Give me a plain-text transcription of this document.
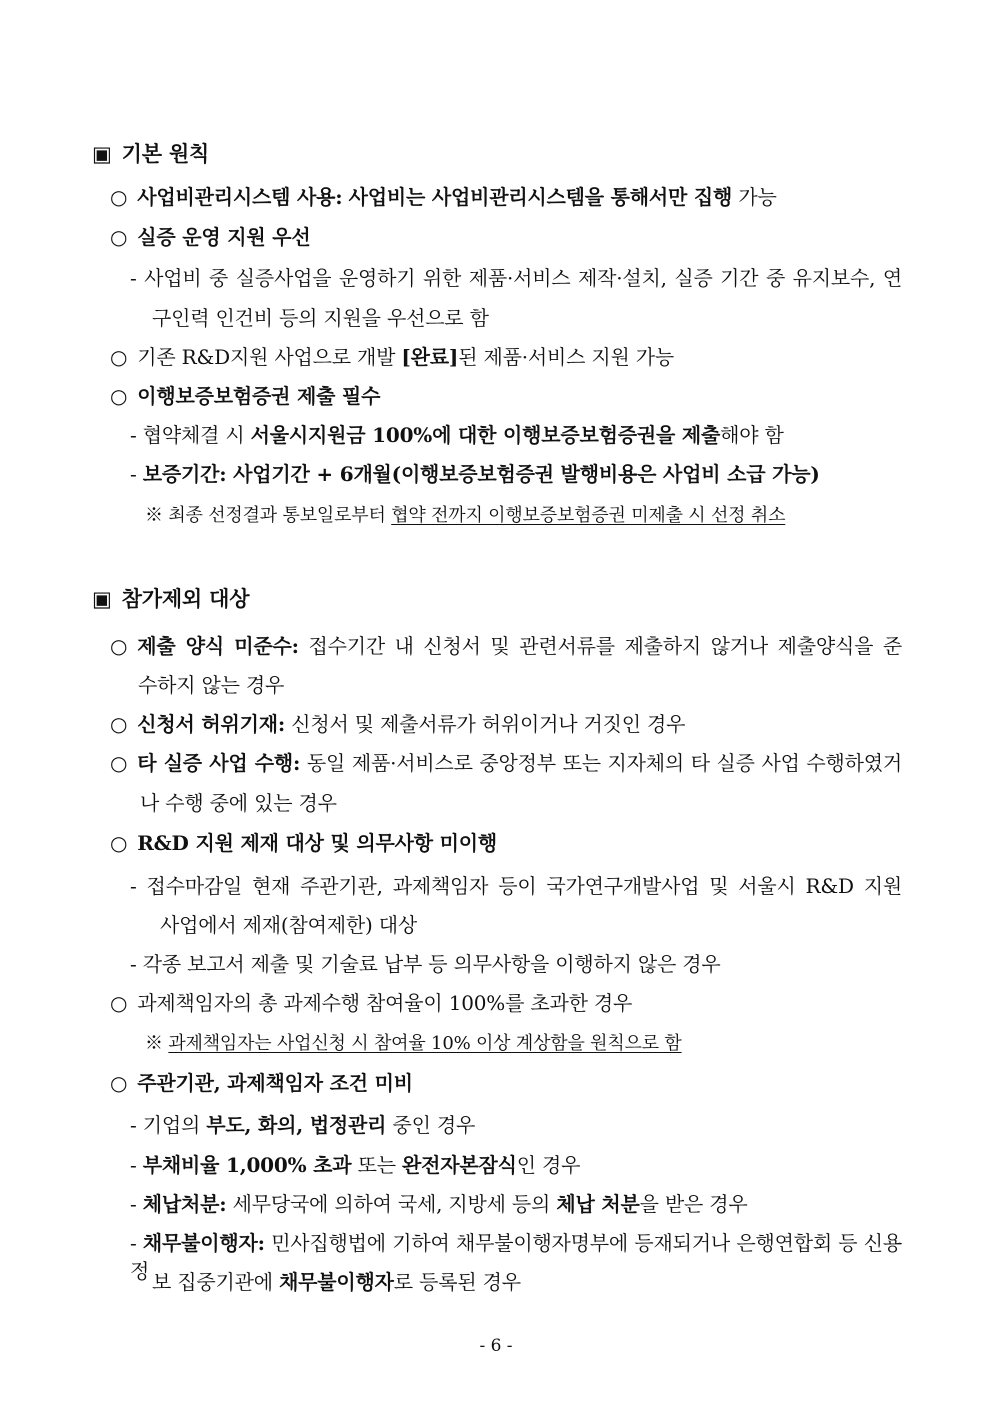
▣ 기본 원칙
○ 사업비관리시스템 사용: 사업비는 사업비관리시스템을 통해서만 집행 가능
○ 실증 운영 지원 우선
- 사업비 중 실증사업을 운영하기 위한 제품·서비스 제작·설치, 실증 기간 중 유지보수, 연
구인력 인건비 등의 지원을 우선으로 함
○ 기존 R&D지원 사업으로 개발 [완료]된 제품·서비스 지원 가능
○ 이행보증보험증권 제출 필수
- 협약체결 시 서울시지원금 100%에 대한 이행보증보험증권을 제출해야 함
- 보증기간: 사업기간 + 6개월(이행보증보험증권 발행비용은 사업비 소급 가능)
※ 최종 선정결과 통보일로부터 협약 전까지 이행보증보험증권 미제출 시 선정 취소
▣ 참가제외 대상
○ 제출 양식 미준수: 접수기간 내 신청서 및 관련서류를 제출하지 않거나 제출양식을 준
수하지 않는 경우
○ 신청서 허위기재: 신청서 및 제출서류가 허위이거나 거짓인 경우
○ 타 실증 사업 수행: 동일 제품·서비스로 중앙정부 또는 지자체의 타 실증 사업 수행하였거
나 수행 중에 있는 경우
○ R&D 지원 제재 대상 및 의무사항 미이행
- 접수마감일 현재 주관기관, 과제책임자 등이 국가연구개발사업 및 서울시 R&D 지원
사업에서 제재(참여제한) 대상
- 각종 보고서 제출 및 기술료 납부 등 의무사항을 이행하지 않은 경우
○ 과제책임자의 총 과제수행 참여율이 100%를 초과한 경우
※ 과제책임자는 사업신청 시 참여율 10% 이상 계상함을 원칙으로 함
○ 주관기관, 과제책임자 조건 미비
- 기업의 부도, 화의, 법정관리 중인 경우
- 부채비율 1,000% 초과 또는 완전자본잠식인 경우
- 체납처분: 세무당국에 의하여 국세, 지방세 등의 체납 처분을 받은 경우
- 채무불이행자: 민사집행법에 기하여 채무불이행자명부에 등재되거나 은행연합회 등 신용정 보 집중기관에 채무불이행자로 등록된 경우
- 6 -
